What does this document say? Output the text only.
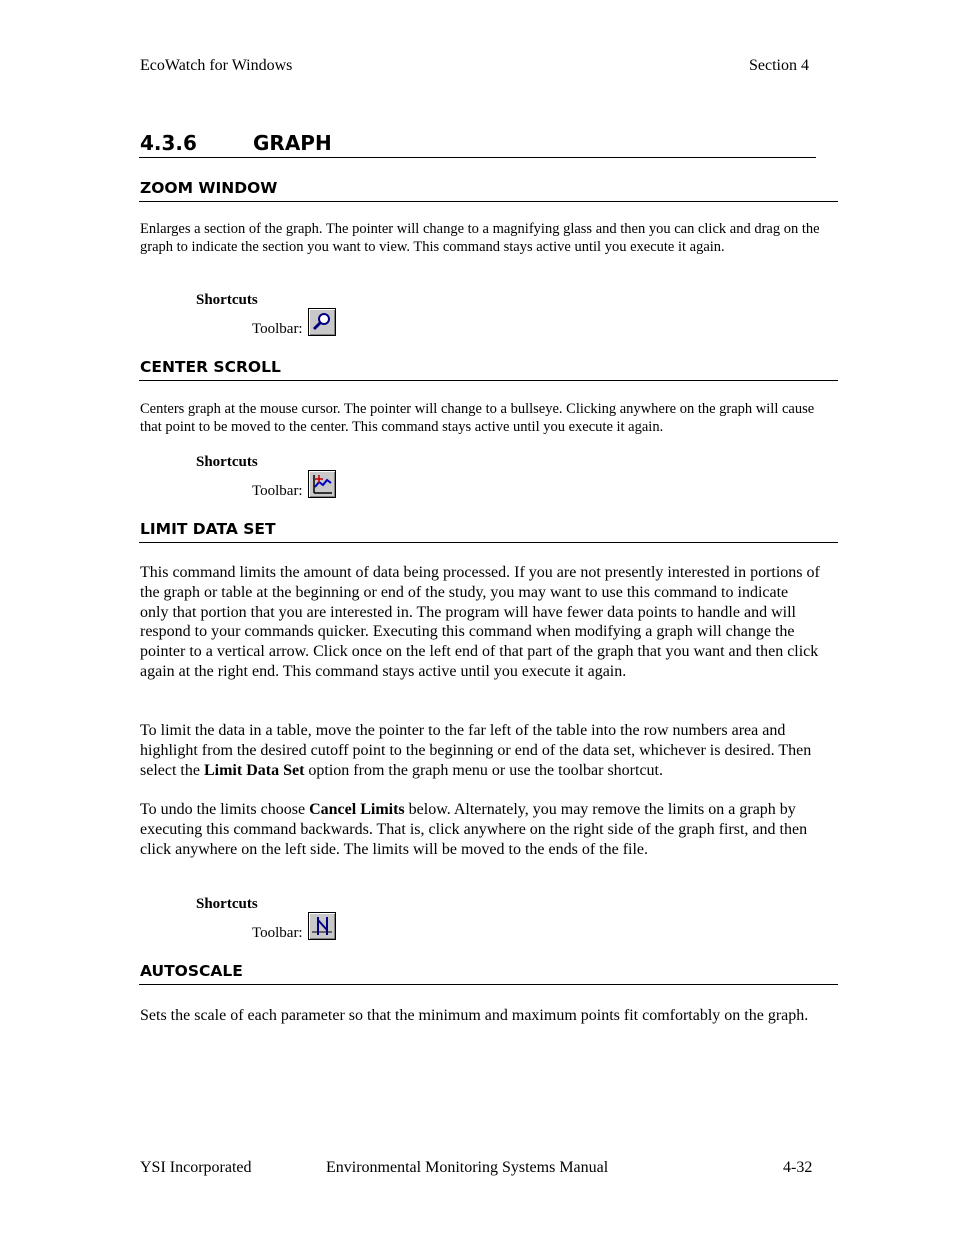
EcoWatch for Windows	Section 4
4.3.6	GRAPH
ZOOM WINDOW

Enlarges a section of the graph. The pointer will change to a magnifying glass and then you can click and drag on the graph to indicate the section you want to view. This command stays active until you execute it again.

Shortcuts
Toolbar:
CENTER SCROLL

Centers graph at the mouse cursor. The pointer will change to a bullseye. Clicking anywhere on the graph will cause that point to be moved to the center. This command stays active until you execute it again.

Shortcuts
Toolbar:
LIMIT DATA SET

This command limits the amount of data being processed. If you are not presently interested in portions of the graph or table at the beginning or end of the study, you may want to use this command to indicate only that portion that you are interested in. The program will have fewer data points to handle and will respond to your commands quicker. Executing this command when modifying a graph will change the pointer to a vertical arrow. Click once on the left end of that part of the graph that you want and then click again at the right end. This command stays active until you execute it again.

To limit the data in a table, move the pointer to the far left of the table into the row numbers area and highlight from the desired cutoff point to the beginning or end of the data set, whichever is desired. Then select the Limit Data Set option from the graph menu or use the toolbar shortcut.

To undo the limits choose Cancel Limits below. Alternately, you may remove the limits on a graph by executing this command backwards. That is, click anywhere on the right side of the graph first, and then click anywhere on the left side. The limits will be moved to the ends of the file.

Shortcuts
Toolbar:
AUTOSCALE

Sets the scale of each parameter so that the minimum and maximum points fit comfortably on the graph.

YSI Incorporated	Environmental Monitoring Systems Manual	4-32
